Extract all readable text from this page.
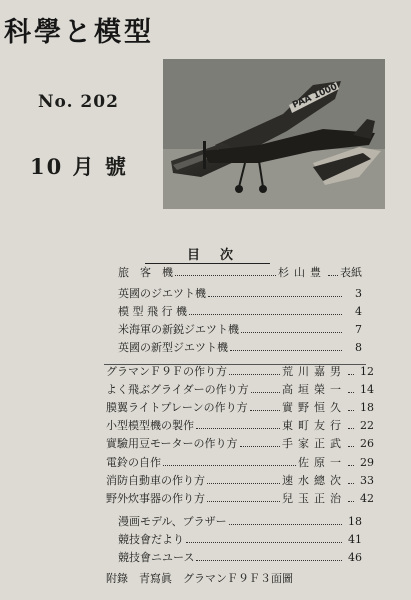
科學と模型
No. 202
10 月 號
PAA 1000
目次
旅　客　機	杉山豊 表紙
英國のジエツト機	3
模 型 飛 行 機	4
米海軍の新鋭ジエツト機	7
英國の新型ジエツト機	8
グラマンＦ９Ｆの作り方	荒川嘉男	12
よく飛ぶグライダーの作り方	高垣榮一	14
膜翼ライトプレーンの作り方	實野恒久	18
小型模型機の製作	東町友行	22
實驗用豆モーターの作り方	手家正武	26
電鈴の自作	佐原一	29
消防自動車の作り方	速水總次	33
野外炊事器の作り方	兒玉正治	42
漫画モデル、ブラザー	18
競技會だより	41
競技會ニユース	46
附錄　青寫眞　グラマンＦ９Ｆ３面圖
